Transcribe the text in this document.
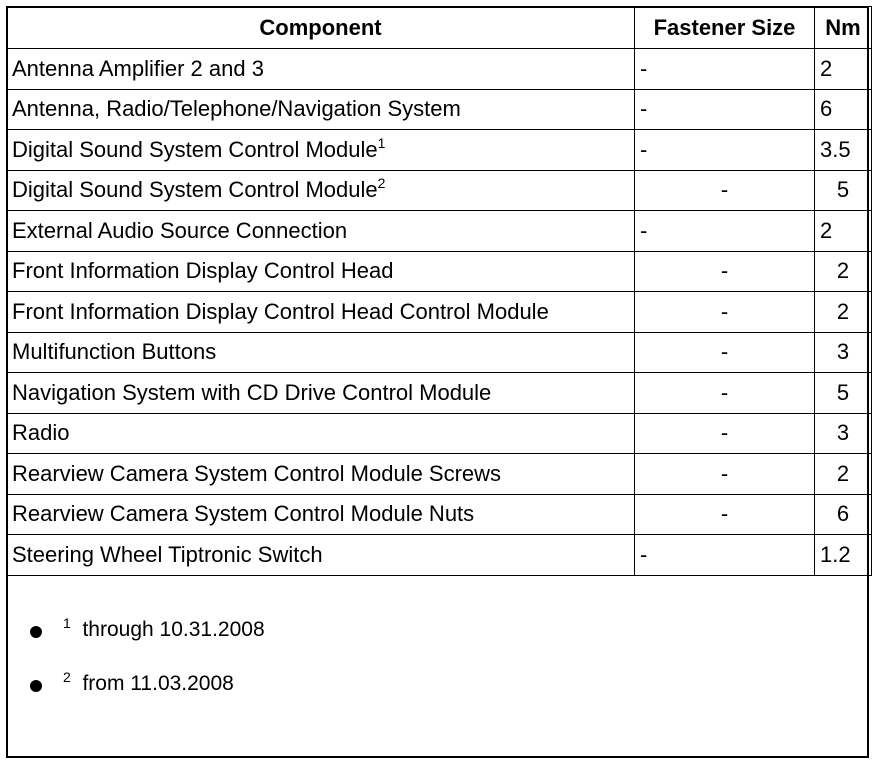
Component	Fastener Size	Nm
Antenna Amplifier 2 and 3	-	2
Antenna, Radio/Telephone/Navigation System	-	6
Digital Sound System Control Module$^1$	-	3.5
Digital Sound System Control Module$^2$	-	5
External Audio Source Connection	-	2
Front Information Display Control Head	-	2
Front Information Display Control Head Control Module	-	2
Multifunction Buttons	-	3
Navigation System with CD Drive Control Module	-	5
Radio	-	3
Rearview Camera System Control Module Screws	-	2
Rearview Camera System Control Module Nuts	-	6
Steering Wheel Tiptronic Switch	-	1.2
$^1$ through 10.31.2008
$^2$ from 11.03.2008
